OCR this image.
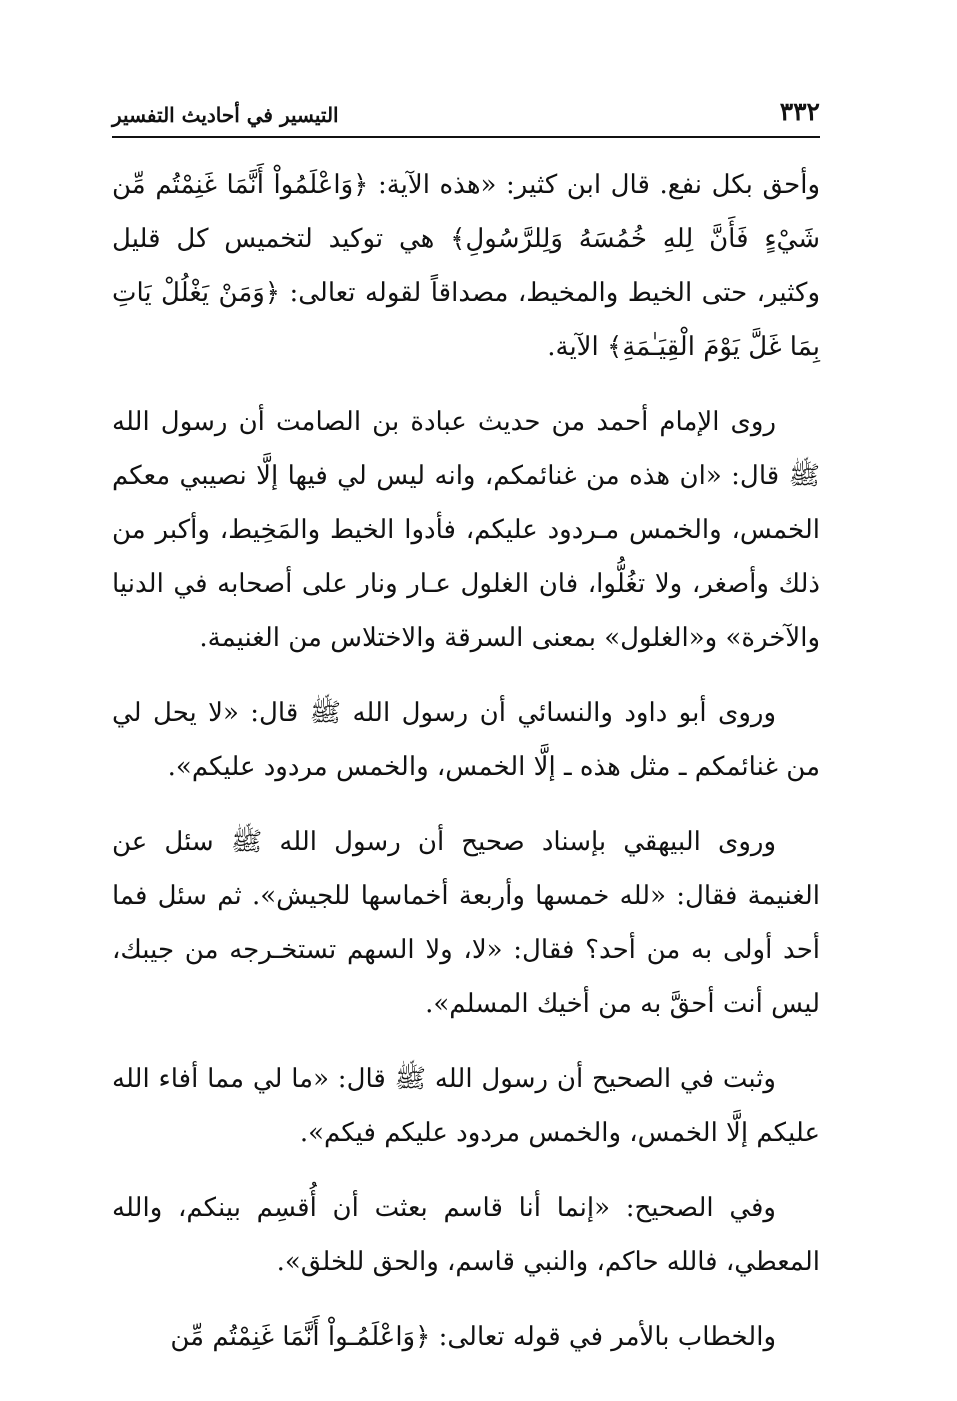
٣٣٢
التيسير في أحاديث التفسير

وأحق بكل نفع. قال ابن كثير: «هذه الآية: ﴿وَاعْلَمُواْ أَنَّمَا غَنِمْتُم مِّن شَيْءٍ فَأَنَّ لِلهِ خُمُسَهُ وَلِلرَّسُولِ﴾ هي توكيد لتخميس كل قليل وكثير، حتى الخيط والمخيط، مصداقاً لقوله تعالى: ﴿وَمَنْ يَغْلُلْ يَاتِ بِمَا غَلَّ يَوْمَ الْقِيَـٰمَةِ﴾ الآية.

روى الإمام أحمد من حديث عبادة بن الصامت أن رسول الله ﷺ قال: «ان هذه من غنائمكم، وانه ليس لي فيها إلَّا نصيبي معكم الخمس، والخمس مـردود عليكم، فأدوا الخيط والمَخِيط، وأكبر من ذلك وأصغر، ولا تغُلُّوا، فان الغلول عـار ونار على أصحابه في الدنيا والآخرة» و«الغلول» بمعنى السرقة والاختلاس من الغنيمة.

وروى أبو داود والنسائي أن رسول الله ﷺ قال: «لا يحل لي من غنائمكم ـ مثل هذه ـ إلَّا الخمس، والخمس مردود عليكم».

وروى البيهقي بإسناد صحيح أن رسول الله ﷺ سئل عن الغنيمة فقال: «لله خمسها وأربعة أخماسها للجيش». ثم سئل فما أحد أولى به من أحد؟ فقال: «لا، ولا السهم تستخـرجه من جيبك، ليس أنت أحقَّ به من أخيك المسلم».

وثبت في الصحيح أن رسول الله ﷺ قال: «ما لي مما أفاء الله عليكم إلَّا الخمس، والخمس مردود عليكم فيكم».

وفي الصحيح: «إنما أنا قاسم بعثت أن أُقسِم بينكم، والله المعطي، فالله حاكم، والنبي قاسم، والحق للخلق».

والخطاب بالأمر في قوله تعالى: ﴿وَاعْلَمُـواْ أَنَّمَا غَنِمْتُم مِّن
